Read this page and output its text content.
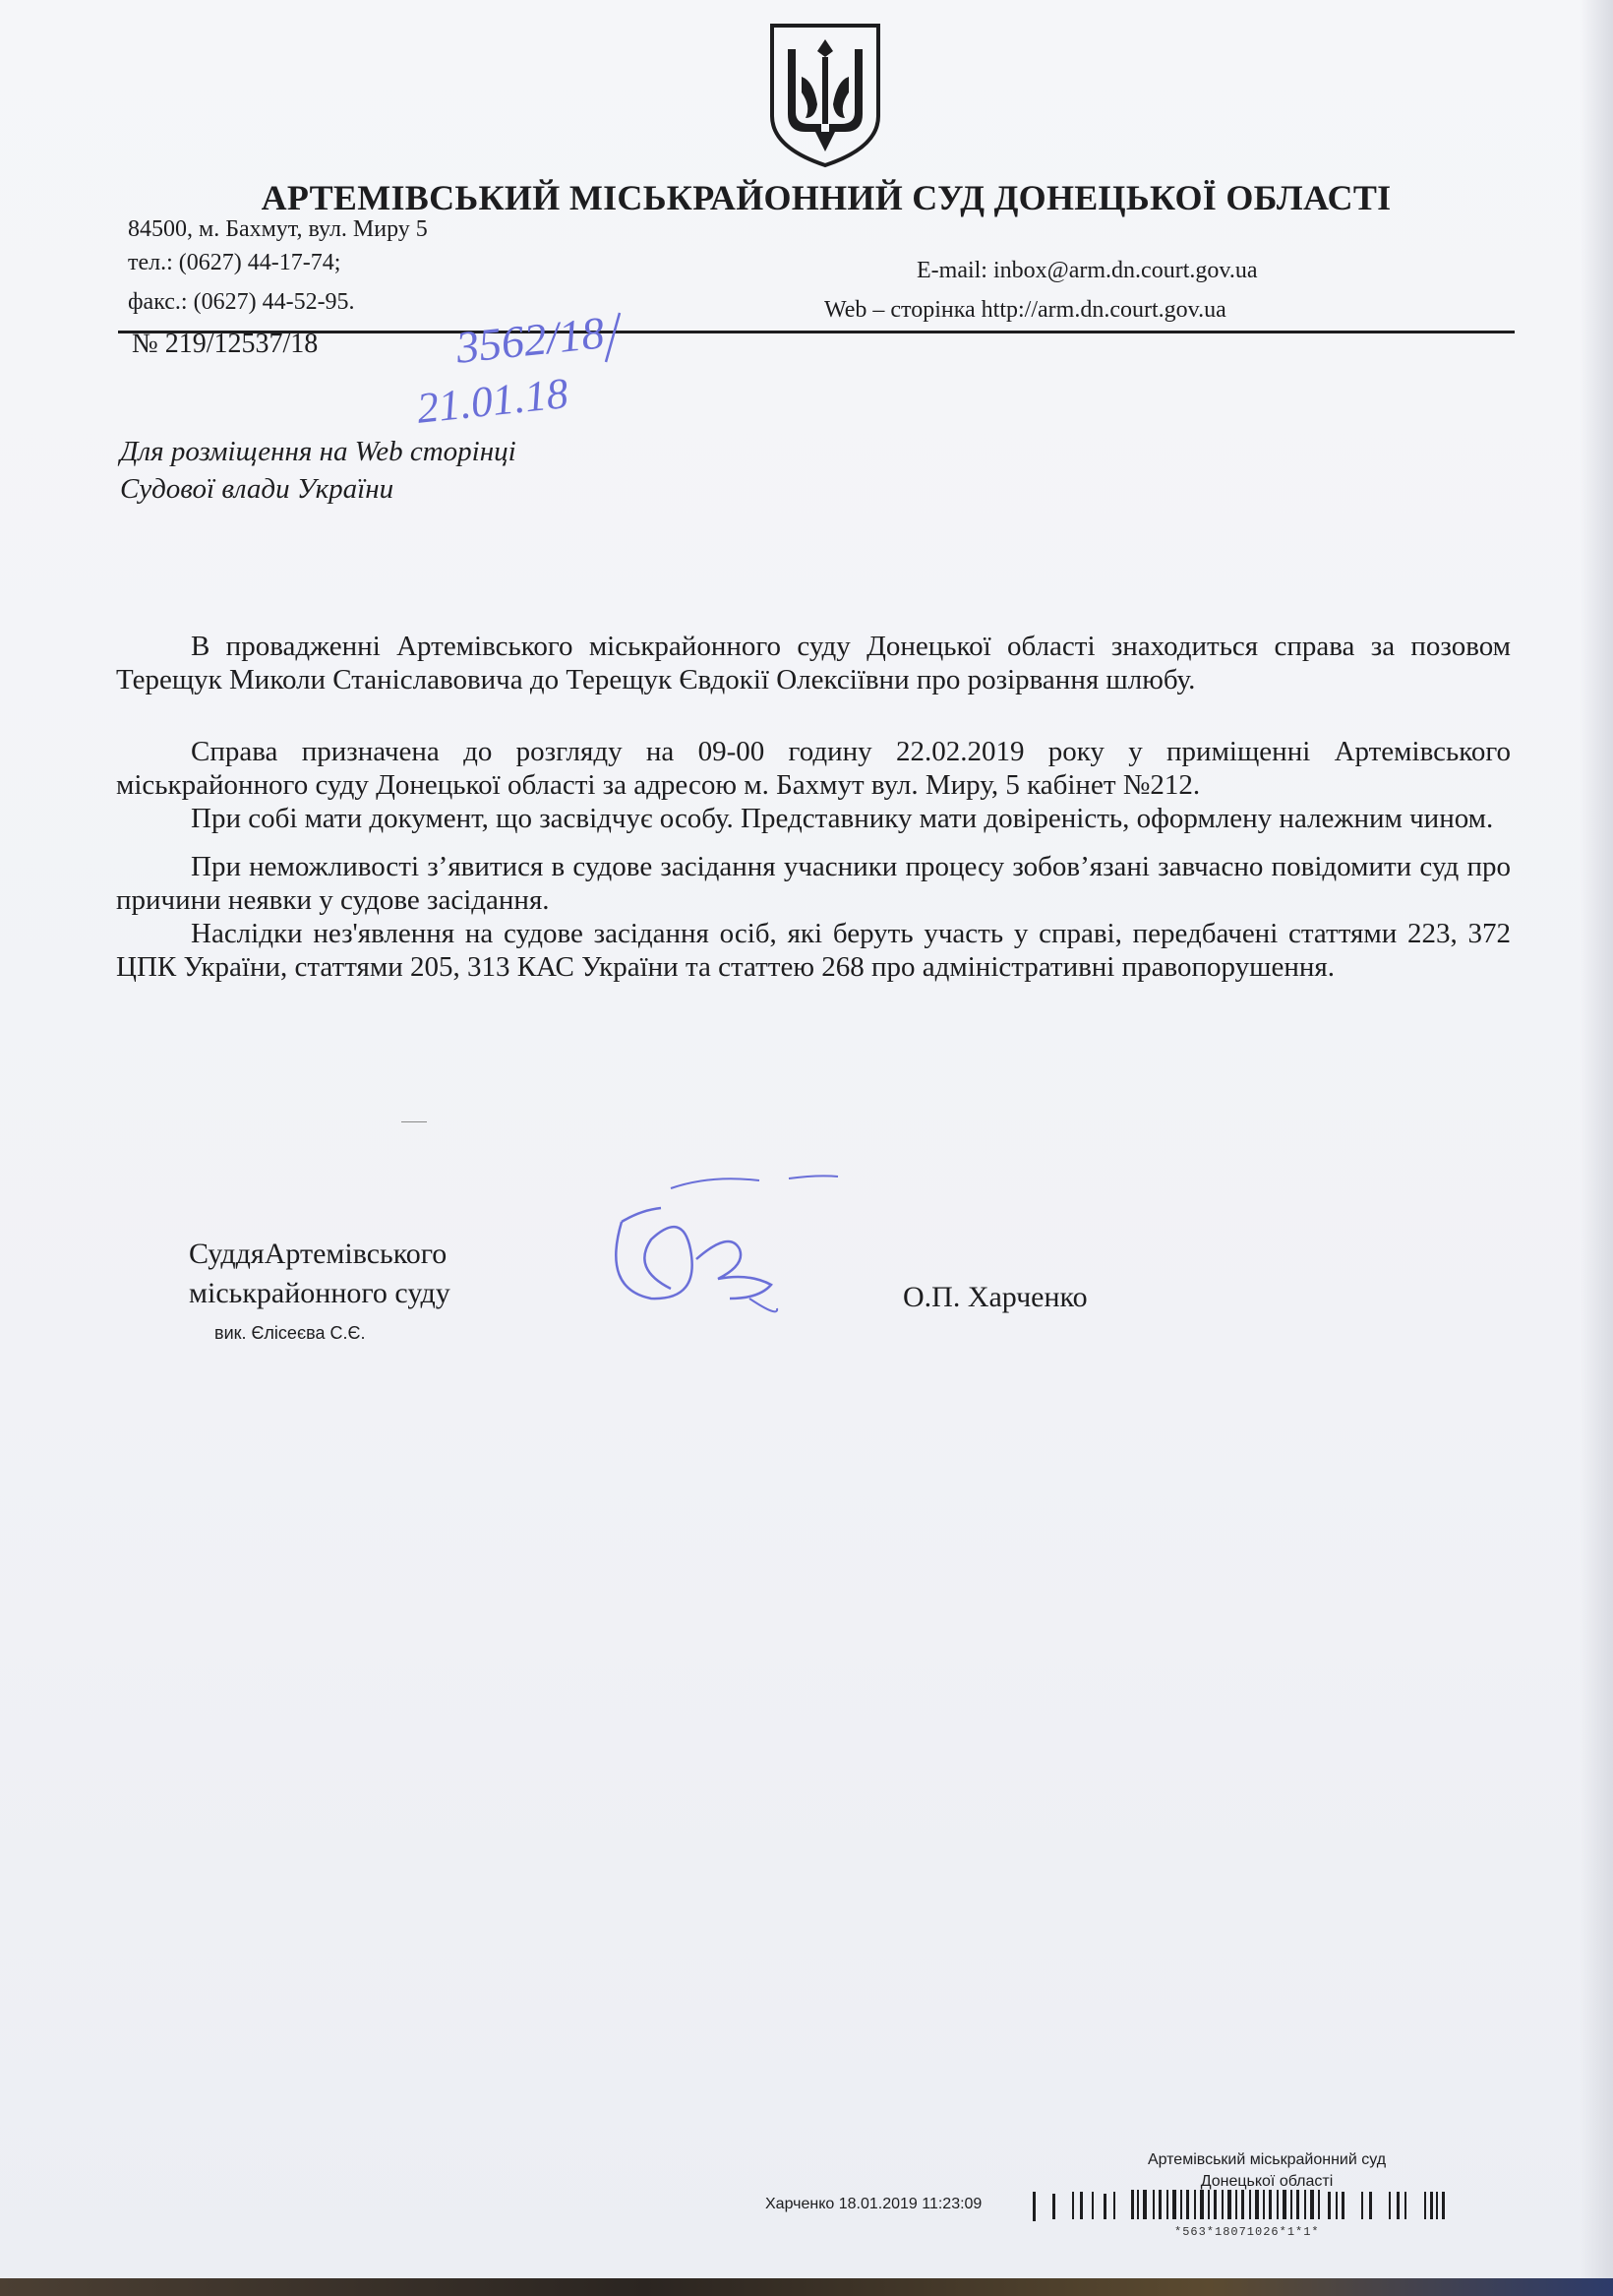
АРТЕМІВСЬКИЙ МІСЬКРАЙОННИЙ СУД ДОНЕЦЬКОЇ ОБЛАСТІ
84500, м. Бахмут, вул. Миру 5
тел.: (0627) 44-17-74;
факс.: (0627) 44-52-95.
E-mail: inbox@arm.dn.court.gov.ua
Web – сторінка http://arm.dn.court.gov.ua
№ 219/12537/18	3562/18
21.01.18
Для розміщення на Web сторінці
Судової влади України

В провадженні Артемівського міськрайонного суду Донецької області знаходиться справа за позовом Терещук Миколи Станіславовича до Терещук Євдокії Олексіївни про розірвання шлюбу.

Справа призначена до розгляду на 09-00 годину 22.02.2019 року у приміщенні Артемівського міськрайонного суду Донецької області за адресою м. Бахмут вул. Миру, 5 кабінет №212.

При собі мати документ, що засвідчує особу. Представнику мати довіреність, оформлену належним чином.

При неможливості з’явитися в судове засідання учасники процесу зобов’язані завчасно повідомити суд про причини неявки у судове засідання.

Наслідки нез'явлення на судове засідання осіб, які беруть участь у справі, передбачені статтями 223, 372 ЦПК України, статтями 205, 313 КАС України та статтею 268 про адміністративні правопорушення.

СуддяАртемівського
міськрайонного суду
вик. Єлісеєва С.Є.
О.П. Харченко
Артемівський міськрайонний суд
Донецької області
Харченко 18.01.2019 11:23:09
*563*18071026*1*1*
